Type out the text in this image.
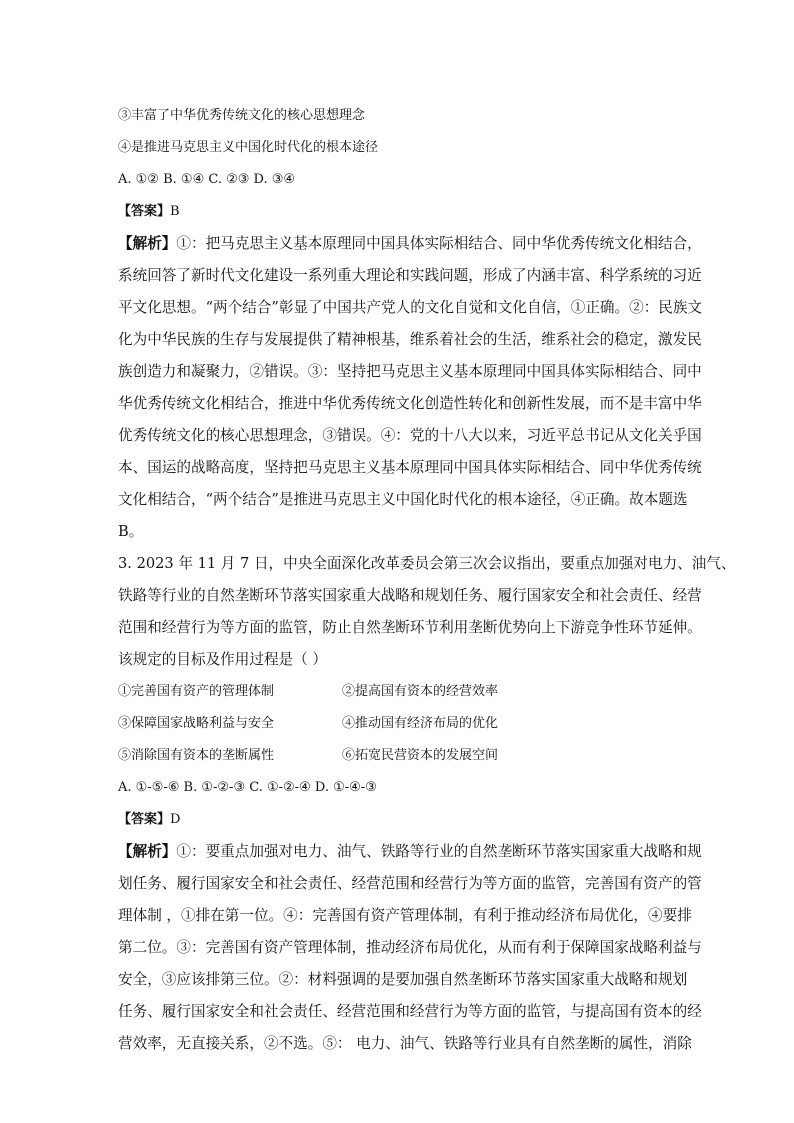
③丰富了中华优秀传统文化的核心思想理念
④是推进马克思主义中国化时代化的根本途径
A. ①② B. ①④ C. ②③ D. ③④
【答案】B
【解析】①：把马克思主义基本原理同中国具体实际相结合、同中华优秀传统文化相结合，
系统回答了新时代文化建设一系列重大理论和实践问题，形成了内涵丰富、科学系统的习近
平文化思想。“两个结合”彰显了中国共产党人的文化自觉和文化自信，①正确。②：民族文
化为中华民族的生存与发展提供了精神根基，维系着社会的生活，维系社会的稳定，激发民
族创造力和凝聚力，②错误。③：坚持把马克思主义基本原理同中国具体实际相结合、同中
华优秀传统文化相结合，推进中华优秀传统文化创造性转化和创新性发展，而不是丰富中华
优秀传统文化的核心思想理念，③错误。④：党的十八大以来，习近平总书记从文化关乎国
本、国运的战略高度，坚持把马克思主义基本原理同中国具体实际相结合、同中华优秀传统
文化相结合，“两个结合”是推进马克思主义中国化时代化的根本途径，④正确。故本题选
B。
3. 2023 年 11 月 7 日，中央全面深化改革委员会第三次会议指出，要重点加强对电力、油气、
铁路等行业的自然垄断环节落实国家重大战略和规划任务、履行国家安全和社会责任、经营
范围和经营行为等方面的监管，防止自然垄断环节利用垄断优势向上下游竞争性环节延伸。
该规定的目标及作用过程是（ ）
①完善国有资产的管理体制	②提高国有资本的经营效率
③保障国家战略利益与安全	④推动国有经济布局的优化
⑤消除国有资本的垄断属性	⑥拓宽民营资本的发展空间
A. ①-⑤-⑥ B. ①-②-③ C. ①-②-④ D. ①-④-③
【答案】D
【解析】①：要重点加强对电力、油气、铁路等行业的自然垄断环节落实国家重大战略和规
划任务、履行国家安全和社会责任、经营范围和经营行为等方面的监管，完善国有资产的管
理体制 ，①排在第一位。④：完善国有资产管理体制，有利于推动经济布局优化，④要排
第二位。③：完善国有资产管理体制，推动经济布局优化，从而有利于保障国家战略利益与
安全，③应该排第三位。②：材料强调的是要加强自然垄断环节落实国家重大战略和规划
任务、履行国家安全和社会责任、经营范围和经营行为等方面的监管，与提高国有资本的经
营效率，无直接关系，②不选。⑤： 电力、油气、铁路等行业具有自然垄断的属性，消除
